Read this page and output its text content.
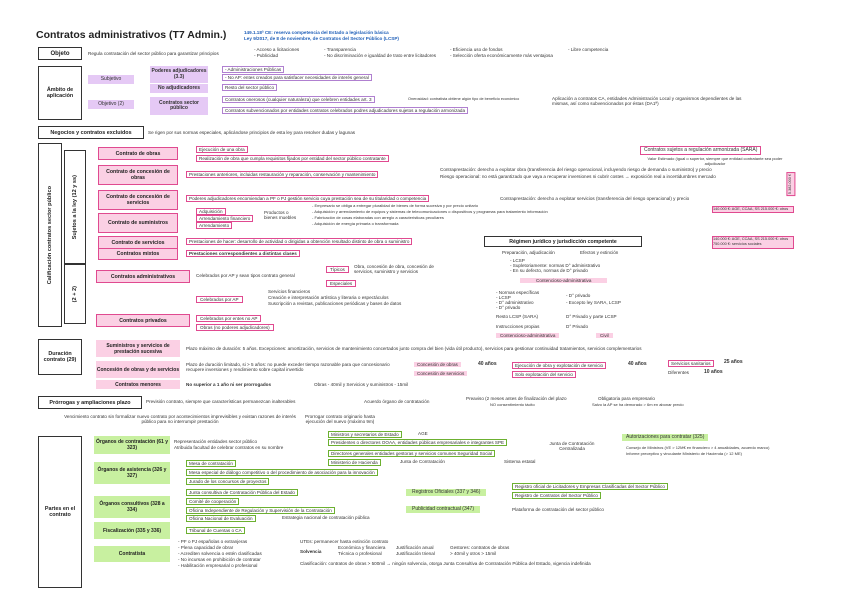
Contratos administrativos (T7 Admin.)	149.1.18ª CE: reserva competencia del Estado a legislación básica
Ley 9/2017, de 8 de noviembre, de Contratos del Sector Público (LCSP)
Objeto	Regula contratación del sector público para garantizar principios
- Acceso a licitaciones
- Publicidad
- Transparencia
- No discriminación e igualdad de trato entre licitadores
- Eficiencia uso de fondos
- Selección oferta económicamente más ventajosa
- Libre competencia
Ámbito de aplicación
Subjetivo
Poderes adjudicadores (3.3)
No adjudicadores
- Administraciones Públicas
- No AP: entes creados para satisfacer necesidades de interés general
Resto del sector público
Objetivo (2)	Contratos sector público
Contratos onerosos (cualquier naturaleza) que celebren entidades art. 3	Onerosidad: contratista obtiene algún tipo de beneficio económico
Contratos subvencionados por entidades contratos celebrados podres adjudicadores sujetos a regulación armonizada
Aplicación a contratos CA, entidades Administración Local y organismos dependientes de las mismas, así como subvencionados por éstas (DA1ª)
Negocios y contratos excluidos	Se rigen por sus normas especiales, aplicándose principios de esta ley para resolver dudas y lagunas
Contratos sujetos a regulación armonizada (SARA)
Valor Estimado (igual o superior, siempre que entidad contratante sea poder adjudicador
Calificación contratos sector público	Sujetos a la ley (12 y ss)
Contrato de obras
Ejecución de una obra
Realización de obra que cumpla requisitos fijados por entidad del sector público contratante
Contrato de concesión de obras
Prestaciones anteriores, incluidas restauración y reparación, conservación y mantenimiento
Contraprestación: derecho a explotar obra (transferencia del riesgo operacional, incluyendo riesgo de demanda o suministro) y precio
Riesgo operacional: no está garantizado que vaya a recuperar inversiones ni cubrir costes → exposición real a incertidumbres mercado	5.382.000 €
Contrato de concesión de servicios
Poderes adjudicadores encomiendan a PF o PJ gestión servicio cuya prestación sea de su titularidad o competencia	Contraprestación: derecho a explotar servicios (transferencia del riesgo operacional) y precio
Contrato de suministros
Adquisición
Arrendamiento financiero
Arrendamiento
Productos o bienes muebles
- Empresario se obliga a entregar pluralidad de bienes de forma sucesiva y por precio unitario
- Adquisición y arrendamiento de equipos y sistemas de telecomunicaciones o dispositivos y programas para tratamiento información
- Fabricación de cosas elaboradas con arreglo a características peculiares
- Adquisición de energía primaria o transformada
140.000 €: AGE, CCAA, SS 215.000 €: otros
Contrato de servicios	Prestaciones de hacer: desarrollo de actividad o dirigidas a obtención resultado distinto de obra o suministro	140.000 €: AGE, CCAA, SS 215.000 €: otros 750.000 €: servicios sociales
Contratos mixtos	Prestaciones correspondientes a distintas clases
Régimen jurídico y jurisdicción competente
Preparación, adjudicación	Efectos y extinción
- LCSP
- Supletoriamente: normas D° administrativo
- En su defecto, normas de D° privado
Contencioso-administrativa
(2 + 2)
Contratos administrativos	Celebrados por AP y sean tipos contrato general
Típicos
Obra, concesión de obra, concesión de servicios, suministro y servicios
Especiales
Contratos privados
Celebrados por AP
Servicios financieros
Creación e interpretación artística y literaria o espectáculos
Suscripción a revistas, publicaciones periódicas y bases de datos
Celebrados por entes no AP
Obras (no poderes adjudicadores)
- Normas específicas
- LCSP
- D° administrativo
- D° privado
- D° privado
- Excepto ley SARA, LCSP
Resto LCSP (SARA)	D° Privado y parte LCSP
Instrucciones propias	D° Privado
Contencioso-administrativa	Civil
Duración contrato (29)
Suministros y servicios de prestación sucesiva	Plazo máximo de duración: 5 años. Excepciones: amortización, servicios de mantenimiento concertados junto compra del bien (vida útil producto), servicios para gestionar continuidad tratamientos, servicios complementarios
Concesión de obras y de servicios
Plazo de duración limitado, si > 5 años: no puede exceder tiempo razonable para que concesionario recupere inversiones y rendimiento sobre capital invertido
Concesión de obras	40 años
Concesión de servicios
Ejecución de obra y explotación de servicio	40 años
Solo explotación del servicio
Servicios sanitarios	25 años
Diferentes	10 años
Contratos menores	No superior a 1 año ni ser prorrogados	Obras - 40mil y Servicios y suministros - 15mil
Prórrogas y ampliaciones plazo	Previsión contrato, siempre que características permanezcan inalterables	Acuerdo órgano de contratación
Preaviso (2 meses antes de finalización del plazo
NO consentimiento tácito
Obligatoria para empresario
Salvo la AP se ha demorado > 6m en abonar precio
Vencimiento contrato sin formalizar nuevo contrato por acontecimientos imprevisibles y existan razones de interés público para no interrumpir prestación
Prorrogar contrato originario hasta ejecución del nuevo (máximo 9m)
Partes en el contrato
Órganos de contratación (61 y 323)
Representación entidades sector público
Atribuida facultad de celebrar contratos en su nombre
Ministros y secretarios de Estado
Presidentes o directores OOAA, entidades públicas empresariales e integrantes SPE
Directores generales entidades gestoras y servicios comunes Seguridad Social
Ministerio de Hacienda
AGE
Junta de Contratación
Junta de Contratación Centralizada
Sistema estatal
Autorizaciones para contratar (325)
Consejo de Ministros (VE > 12M€ en financiero > 4 anualidades, acuerdo marco)
Informe preceptivo y vinculante Ministerio de Hacienda (> 12 ME)
Órganos de asistencia (326 y 327)
Mesa de contratación
Mesa especial de diálogo competitivo o del procedimiento de asociación para la innovación
Jurado de los concursos de proyectos
Órganos consultivos (328 a 334)
Junta consultiva de Contratación Pública del Estado
Comité de cooperación
Oficina Independiente de Regulación y Supervisión de la Contratación
Oficina Nacional de Evaluación	Estrategia nacional de contratación pública
Registros Oficiales (337 y 346)
Registro oficial de Licitadores y Empresas Clasificadas del Sector Público
Registro de Contratos del Sector Público
Publicidad contractual (347)	Plataforma de contratación del sector público
Fiscalización (335 y 336)	Tribunal de Cuentas o CA
Contratista
- PF o PJ españolas o extranjeras
- Plena capacidad de obrar
- Acrediten solvencia o estén clasificadas
- No incursas en prohibición de contratar
- Habilitación empresarial o profesional
UTEs: permanecer hasta extinción contrato
Solvencia
Económica y financiera
Técnica o profesional
Justificación anual
Justificación trienal
Gestores: contratos de obras
> 40mil y otros > 15mil
Clasificación: contratos de obras > 500mil → ningún solvencia, otorga Junta Consultiva de Contratación Pública del Estado, vigencia indefinida
